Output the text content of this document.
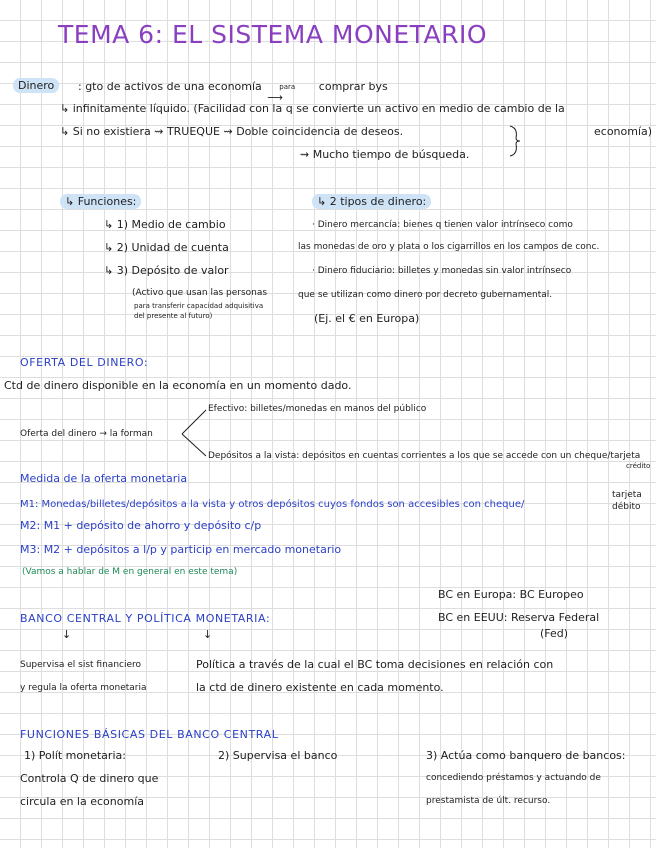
TEMA 6: EL SISTEMA MONETARIO
Dinero	: gto de activos de una economía	para
⟶
comprar bys
↳ infinitamente líquido. (Facilidad con la q se convierte un activo en medio de cambio de la
↳ Si no existiera ⇝ TRUEQUE ⇝ Doble coincidencia de deseos.	economía)
⇝ Mucho tiempo de búsqueda.
↳ Funciones:
↳ 1) Medio de cambio
↳ 2) Unidad de cuenta
↳ 3) Depósito de valor
(Activo que usan las personas
para transferir capacidad adquisitiva
del presente al futuro)
↳ 2 tipos de dinero:
· Dinero mercancía: bienes q tienen valor intrínseco como
las monedas de oro y plata o los cigarrillos en los campos de conc.
· Dinero fiduciario: billetes y monedas sin valor intrínseco
que se utilizan como dinero por decreto gubernamental.
(Ej. el € en Europa)
OFERTA DEL DINERO:
Ctd de dinero disponible en la economía en un momento dado.
Oferta del dinero → la forman
Efectivo: billetes/monedas en manos del público
Depósitos a la vista: depósitos en cuentas corrientes a los que se accede con un cheque/tarjeta
crédito
Medida de la oferta monetaria
M1: Monedas/billetes/depósitos a la vista y otros depósitos cuyos fondos son accesibles con cheque/
tarjeta
débito
M2: M1 + depósito de ahorro y depósito c/p
M3: M2 + depósitos a l/p y particip en mercado monetario
(Vamos a hablar de M en general en este tema)
BC en Europa: BC Europeo
BC en EEUU: Reserva Federal
(Fed)
BANCO CENTRAL Y POLÍTICA MONETARIA:
↓	↓
Supervisa el sist financiero
y regula la oferta monetaria
Política a través de la cual el BC toma decisiones en relación con
la ctd de dinero existente en cada momento.
FUNCIONES BÁSICAS DEL BANCO CENTRAL
1) Polít monetaria:
Controla Q de dinero que
circula en la economía
2) Supervisa el banco	3) Actúa como banquero de bancos:
concediendo préstamos y actuando de
prestamista de últ. recurso.
